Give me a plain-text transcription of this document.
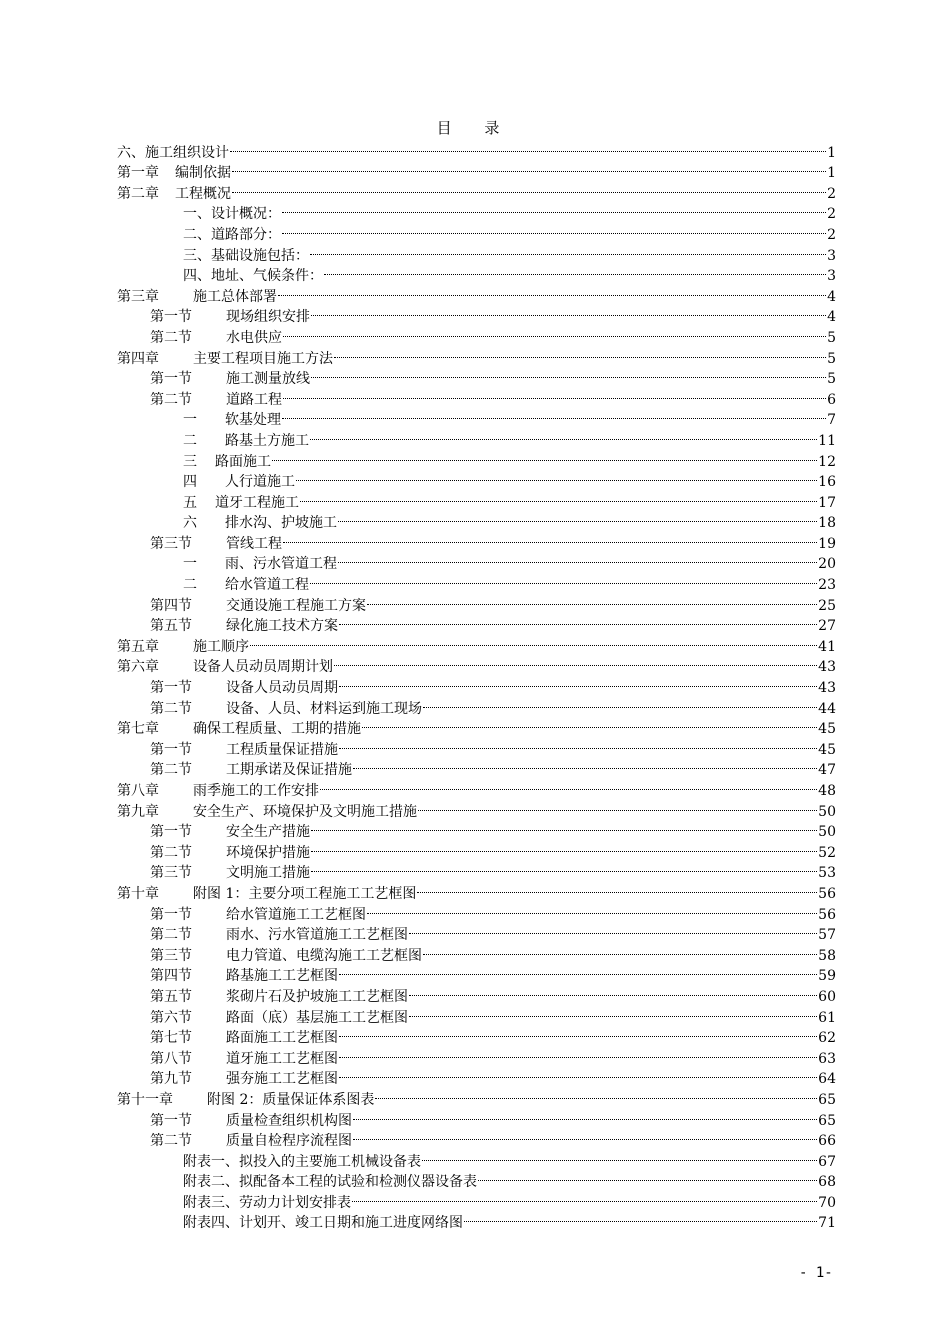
目 录
六、施工组织设计	1
第一章 编制依据	1
第二章 工程概况	2
一、设计概况：	2
二、道路部分：	2
三、基础设施包括：	3
四、地址、气候条件：	3
第三章 施工总体部署	4
第一节 现场组织安排	4
第二节 水电供应	5
第四章 主要工程项目施工方法	5
第一节 施工测量放线	5
第二节 道路工程	6
一 软基处理	7
二 路基土方施工	11
三 路面施工	12
四 人行道施工	16
五 道牙工程施工	17
六 排水沟、护坡施工	18
第三节 管线工程	19
一 雨、污水管道工程	20
二 给水管道工程	23
第四节 交通设施工程施工方案	25
第五节 绿化施工技术方案	27
第五章 施工顺序	41
第六章 设备人员动员周期计划	43
第一节 设备人员动员周期	43
第二节 设备、人员、材料运到施工现场	44
第七章 确保工程质量、工期的措施	45
第一节 工程质量保证措施	45
第二节 工期承诺及保证措施	47
第八章 雨季施工的工作安排	48
第九章 安全生产、环境保护及文明施工措施	50
第一节 安全生产措施	50
第二节 环境保护措施	52
第三节 文明施工措施	53
第十章 附图 1：主要分项工程施工工艺框图	56
第一节 给水管道施工工艺框图	56
第二节 雨水、污水管道施工工艺框图	57
第三节 电力管道、电缆沟施工工艺框图	58
第四节 路基施工工艺框图	59
第五节 浆砌片石及护坡施工工艺框图	60
第六节 路面（底）基层施工工艺框图	61
第七节 路面施工工艺框图	62
第八节 道牙施工工艺框图	63
第九节 强夯施工工艺框图	64
第十一章 附图 2：质量保证体系图表	65
第一节 质量检查组织机构图	65
第二节 质量自检程序流程图	66
附表一、拟投入的主要施工机械设备表	67
附表二、拟配备本工程的试验和检测仪器设备表	68
附表三、劳动力计划安排表	70
附表四、计划开、竣工日期和施工进度网络图	71
- 1-
